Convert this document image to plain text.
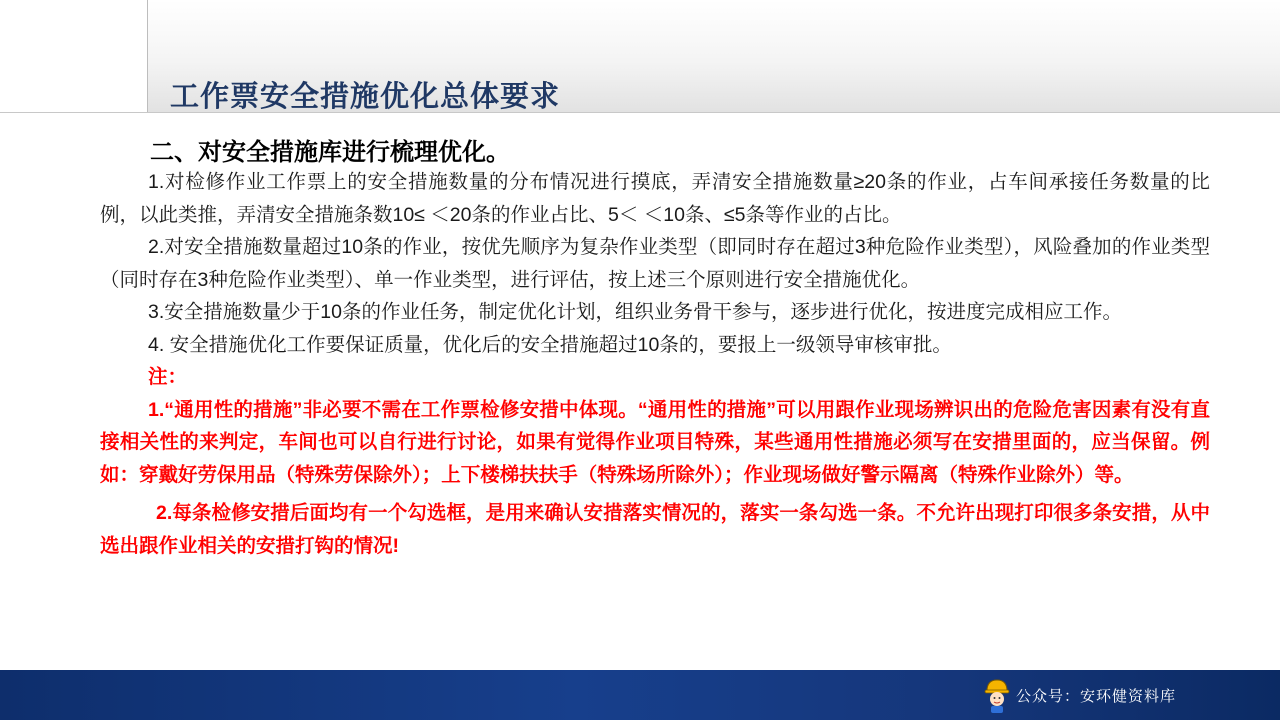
工作票安全措施优化总体要求
二、对安全措施库进行梳理优化。

1.对检修作业工作票上的安全措施数量的分布情况进行摸底，弄清安全措施数量≥20条的作业，占车间承接任务数量的比例，以此类推，弄清安全措施条数10≤ ＜20条的作业占比、5＜ ＜10条、≤5条等作业的占比。

2.对安全措施数量超过10条的作业，按优先顺序为复杂作业类型（即同时存在超过3种危险作业类型），风险叠加的作业类型（同时存在3种危险作业类型）、单一作业类型，进行评估，按上述三个原则进行安全措施优化。

3.安全措施数量少于10条的作业任务，制定优化计划，组织业务骨干参与，逐步进行优化，按进度完成相应工作。

4. 安全措施优化工作要保证质量，优化后的安全措施超过10条的，要报上一级领导审核审批。

注：

1.“通用性的措施”非必要不需在工作票检修安措中体现。“通用性的措施”可以用跟作业现场辨识出的危险危害因素有没有直接相关性的来判定，车间也可以自行进行讨论，如果有觉得作业项目特殊，某些通用性措施必须写在安措里面的，应当保留。例如：穿戴好劳保用品（特殊劳保除外）；上下楼梯扶扶手（特殊场所除外）；作业现场做好警示隔离（特殊作业除外）等。

2.每条检修安措后面均有一个勾选框，是用来确认安措落实情况的，落实一条勾选一条。不允许出现打印很多条安措，从中选出跟作业相关的安措打钩的情况!

公众号：安环健资料库
